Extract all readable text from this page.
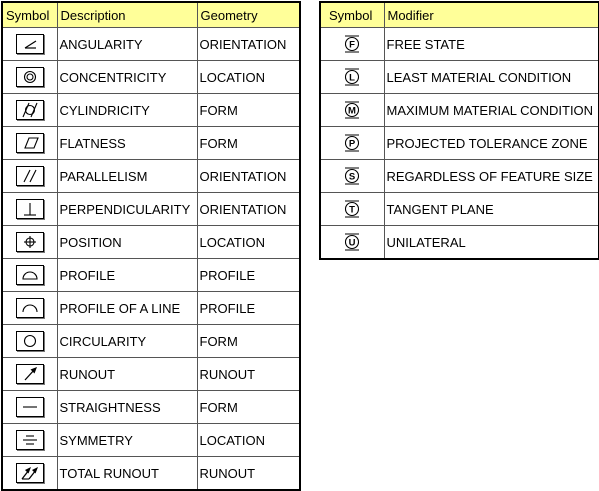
Symbol	Description	Geometry

	ANGULARITY	ORIENTATION

	CONCENTRICITY	LOCATION

	CYLINDRICITY	FORM

	FLATNESS	FORM

	PARALLELISM	ORIENTATION

	PERPENDICULARITY	ORIENTATION

	POSITION	LOCATION

	PROFILE	PROFILE

	PROFILE OF A LINE	PROFILE

	CIRCULARITY	FORM

	RUNOUT	RUNOUT

	STRAIGHTNESS	FORM

	SYMMETRY	LOCATION

	TOTAL RUNOUT	RUNOUT
Symbol	Modifier

F	FREE STATE

L	LEAST MATERIAL CONDITION

M	MAXIMUM MATERIAL CONDITION

P	PROJECTED TOLERANCE ZONE

S	REGARDLESS OF FEATURE SIZE

T	TANGENT PLANE

U	UNILATERAL
